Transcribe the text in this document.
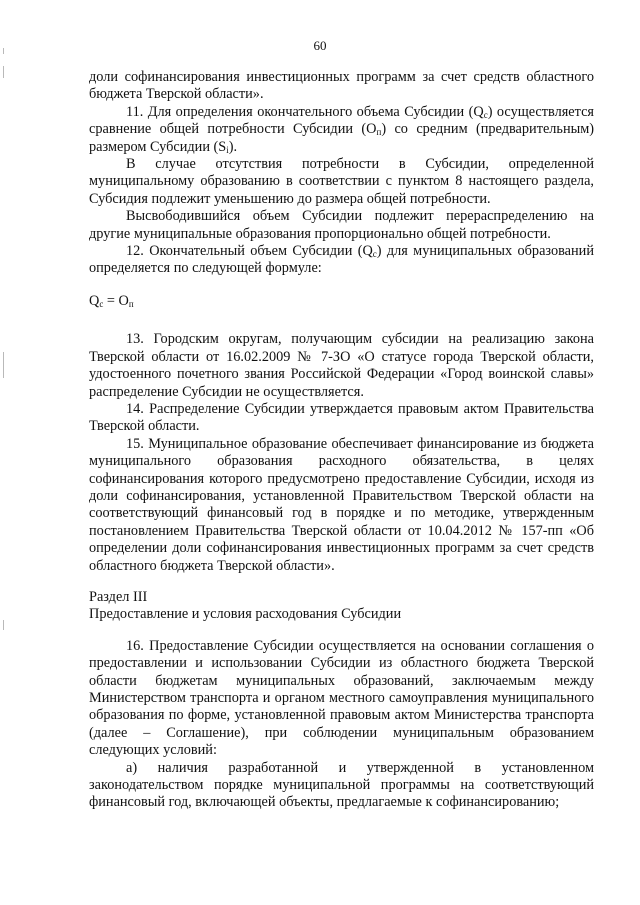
60

доли софинансирования инвестиционных программ за счет средств областного бюджета Тверской области».

11. Для определения окончательного объема Субсидии $(Q_с)$ осуществляется сравнение общей потребности Субсидии $(О_п)$ со средним (предварительным) размером Субсидии $(S_i)$.

В случае отсутствия потребности в Субсидии, определенной муниципальному образованию в соответствии с пунктом 8 настоящего раздела, Субсидия подлежит уменьшению до размера общей потребности.

Высвободившийся объем Субсидии подлежит перераспределению на другие муниципальные образования пропорционально общей потребности.

12. Окончательный объем Субсидии $(Q_с)$ для муниципальных образований определяется по следующей формуле:

$Q_с = О_п$

13. Городским округам, получающим субсидии на реализацию закона Тверской области от 16.02.2009 № 7-ЗО «О статусе города Тверской области, удостоенного почетного звания Российской Федерации «Город воинской славы» распределение Субсидии не осуществляется.

14. Распределение Субсидии утверждается правовым актом Правительства Тверской области.

15. Муниципальное образование обеспечивает финансирование из бюджета муниципального образования расходного обязательства, в целях софинансирования которого предусмотрено предоставление Субсидии, исходя из доли софинансирования, установленной Правительством Тверской области на соответствующий финансовый год в порядке и по методике, утвержденным постановлением Правительства Тверской области от 10.04.2012 № 157-пп «Об определении доли софинансирования инвестиционных программ за счет средств областного бюджета Тверской области».

Раздел III

Предоставление и условия расходования Субсидии

16. Предоставление Субсидии осуществляется на основании соглашения о предоставлении и использовании Субсидии из областного бюджета Тверской области бюджетам муниципальных образований, заключаемым между Министерством транспорта и органом местного самоуправления муниципального образования по форме, установленной правовым актом Министерства транспорта (далее – Соглашение), при соблюдении муниципальным образованием следующих условий:

а) наличия разработанной и утвержденной в установленном законодательством порядке муниципальной программы на соответствующий финансовый год, включающей объекты, предлагаемые к софинансированию;
